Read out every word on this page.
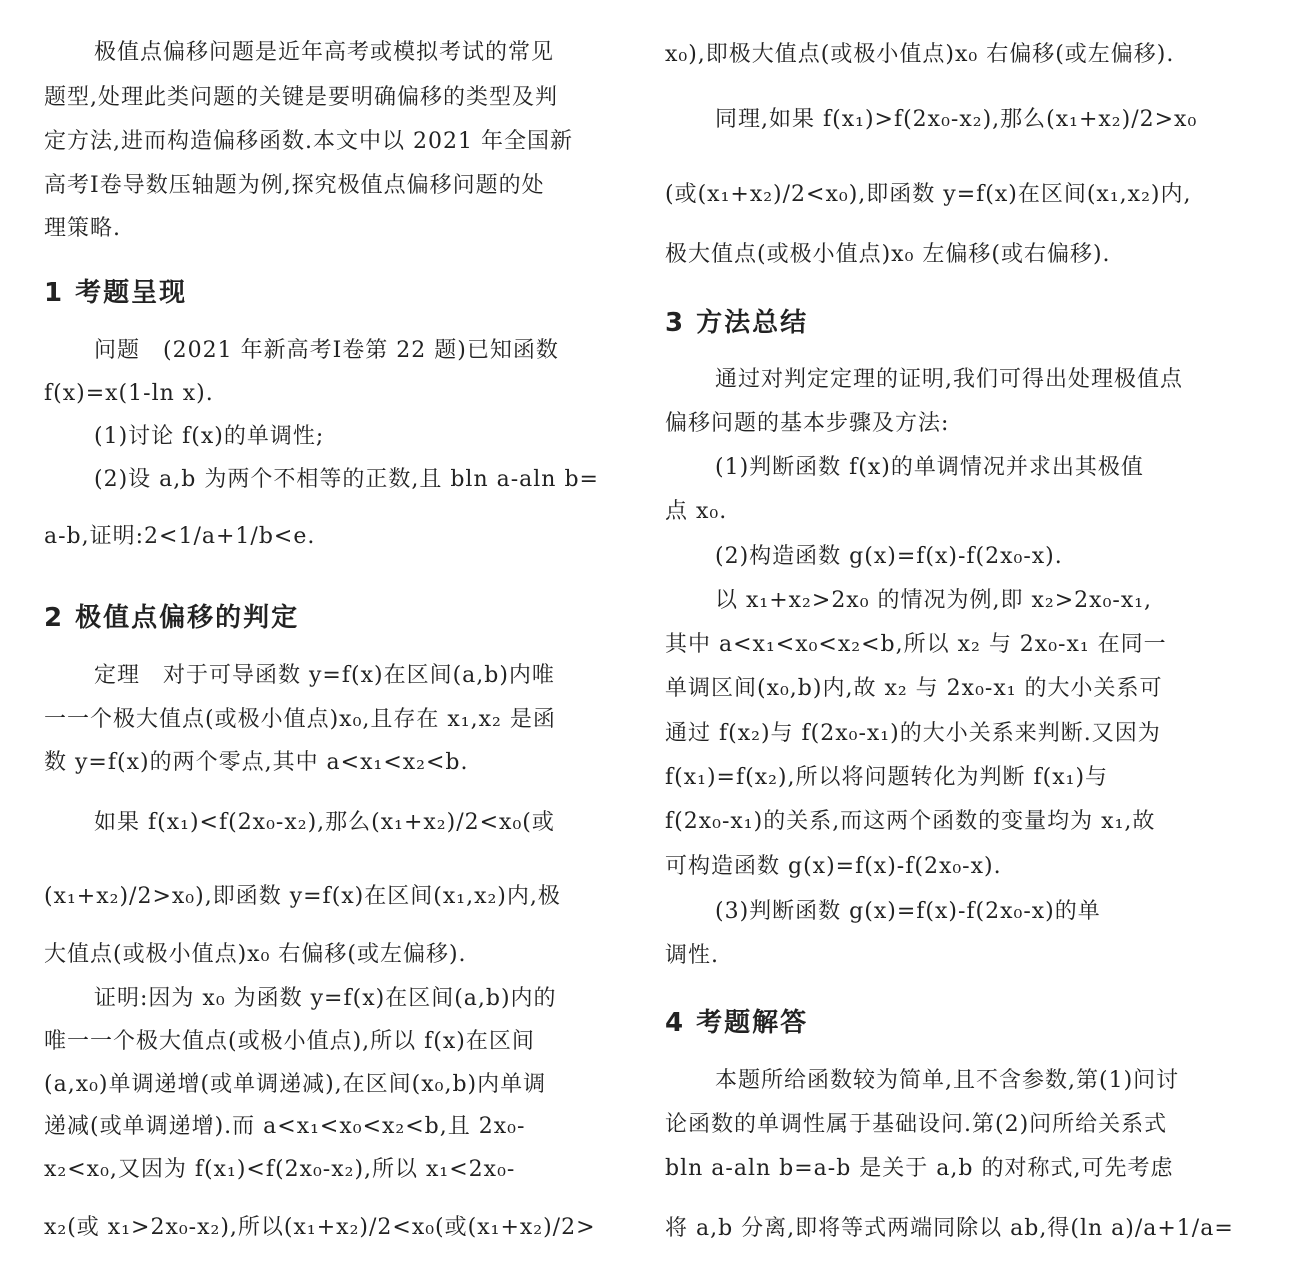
极值点偏移问题是近年高考或模拟考试的常见
题型,处理此类问题的关键是要明确偏移的类型及判
定方法,进而构造偏移函数.本文中以 2021 年全国新
高考Ⅰ卷导数压轴题为例,探究极值点偏移问题的处
理策略.
1 考题呈现
问题　(2021 年新高考Ⅰ卷第 22 题)已知函数
f(x)=x(1-ln x).
(1)讨论 f(x)的单调性;
(2)设 a,b 为两个不相等的正数,且 bln a-aln b=
a-b,证明:2<1/a+1/b<e.
2 极值点偏移的判定
定理　对于可导函数 y=f(x)在区间(a,b)内唯
一一个极大值点(或极小值点)x₀,且存在 x₁,x₂ 是函
数 y=f(x)的两个零点,其中 a<x₁<x₂<b.
如果 f(x₁)<f(2x₀-x₂),那么(x₁+x₂)/2<x₀(或
(x₁+x₂)/2>x₀),即函数 y=f(x)在区间(x₁,x₂)内,极
大值点(或极小值点)x₀ 右偏移(或左偏移).
证明:因为 x₀ 为函数 y=f(x)在区间(a,b)内的
唯一一个极大值点(或极小值点),所以 f(x)在区间
(a,x₀)单调递增(或单调递减),在区间(x₀,b)内单调
递减(或单调递增).而 a<x₁<x₀<x₂<b,且 2x₀-
x₂<x₀,又因为 f(x₁)<f(2x₀-x₂),所以 x₁<2x₀-
x₂(或 x₁>2x₀-x₂),所以(x₁+x₂)/2<x₀(或(x₁+x₂)/2>
x₀),即极大值点(或极小值点)x₀ 右偏移(或左偏移).
同理,如果 f(x₁)>f(2x₀-x₂),那么(x₁+x₂)/2>x₀
(或(x₁+x₂)/2<x₀),即函数 y=f(x)在区间(x₁,x₂)内,
极大值点(或极小值点)x₀ 左偏移(或右偏移).
3 方法总结
通过对判定定理的证明,我们可得出处理极值点
偏移问题的基本步骤及方法:
(1)判断函数 f(x)的单调情况并求出其极值
点 x₀.
(2)构造函数 g(x)=f(x)-f(2x₀-x).
以 x₁+x₂>2x₀ 的情况为例,即 x₂>2x₀-x₁,
其中 a<x₁<x₀<x₂<b,所以 x₂ 与 2x₀-x₁ 在同一
单调区间(x₀,b)内,故 x₂ 与 2x₀-x₁ 的大小关系可
通过 f(x₂)与 f(2x₀-x₁)的大小关系来判断.又因为
f(x₁)=f(x₂),所以将问题转化为判断 f(x₁)与
f(2x₀-x₁)的关系,而这两个函数的变量均为 x₁,故
可构造函数 g(x)=f(x)-f(2x₀-x).
(3)判断函数 g(x)=f(x)-f(2x₀-x)的单
调性.
4 考题解答
本题所给函数较为简单,且不含参数,第(1)问讨
论函数的单调性属于基础设问.第(2)问所给关系式
bln a-aln b=a-b 是关于 a,b 的对称式,可先考虑
将 a,b 分离,即将等式两端同除以 ab,得(ln a)/a+1/a=
